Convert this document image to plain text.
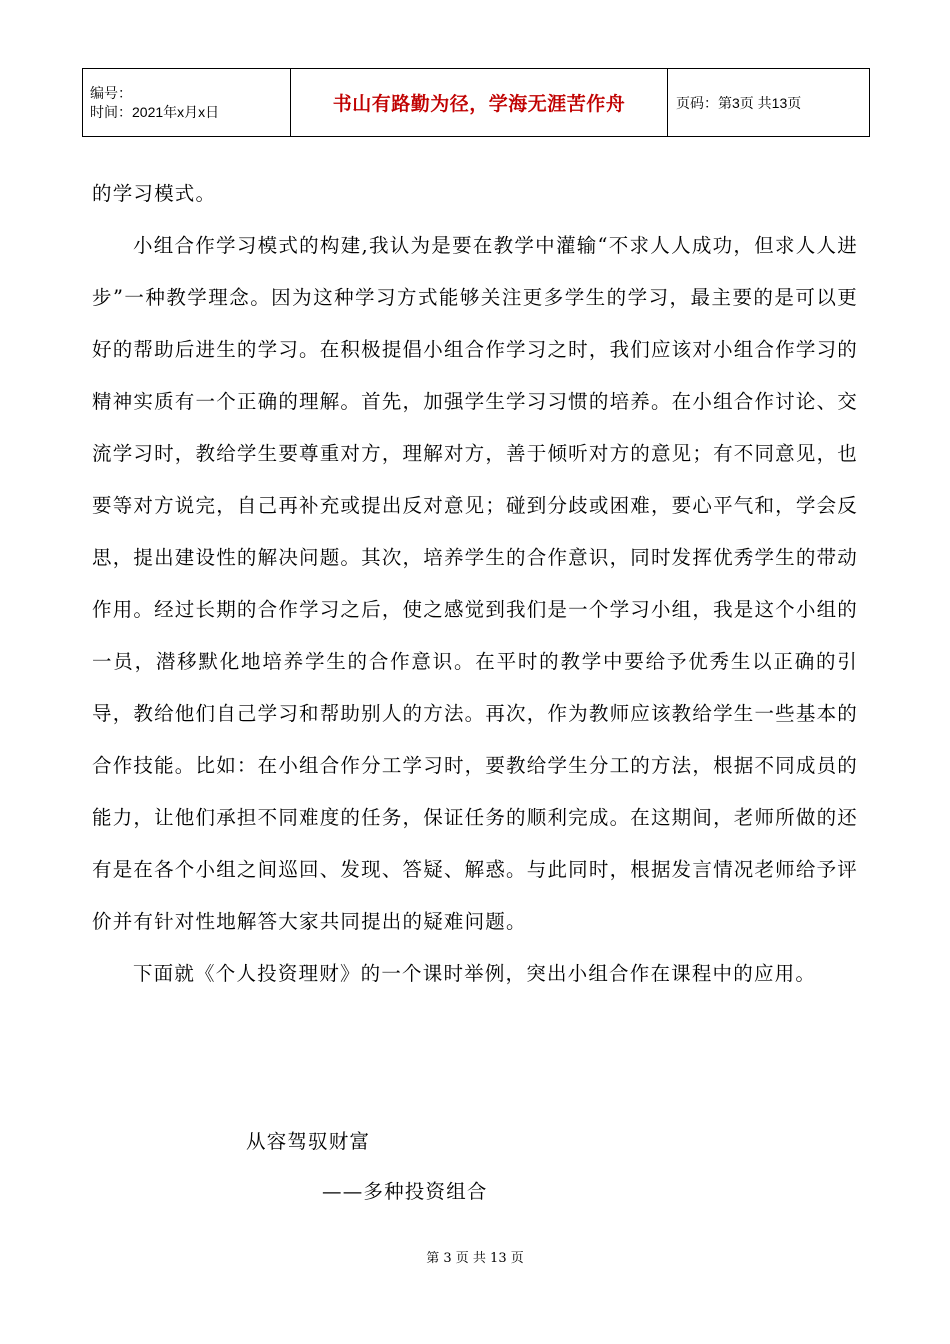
编号：
时间：2021年x月x日	书山有路勤为径，学海无涯苦作舟	页码：第3页 共13页

的学习模式。

小组合作学习模式的构建,我认为是要在教学中灌输“不求人人成功，但求人人进步”一种教学理念。因为这种学习方式能够关注更多学生的学习，最主要的是可以更好的帮助后进生的学习。在积极提倡小组合作学习之时，我们应该对小组合作学习的精神实质有一个正确的理解。首先，加强学生学习习惯的培养。在小组合作讨论、交流学习时，教给学生要尊重对方，理解对方，善于倾听对方的意见；有不同意见，也要等对方说完，自己再补充或提出反对意见；碰到分歧或困难，要心平气和，学会反思，提出建设性的解决问题。其次，培养学生的合作意识，同时发挥优秀学生的带动作用。经过长期的合作学习之后，使之感觉到我们是一个学习小组，我是这个小组的一员，潜移默化地培养学生的合作意识。在平时的教学中要给予优秀生以正确的引导，教给他们自己学习和帮助别人的方法。再次，作为教师应该教给学生一些基本的合作技能。比如：在小组合作分工学习时，要教给学生分工的方法，根据不同成员的能力，让他们承担不同难度的任务，保证任务的顺利完成。在这期间，老师所做的还有是在各个小组之间巡回、发现、答疑、解惑。与此同时，根据发言情况老师给予评价并有针对性地解答大家共同提出的疑难问题。

下面就《个人投资理财》的一个课时举例，突出小组合作在课程中的应用。

从容驾驭财富

——多种投资组合

第 3 页 共 13 页
